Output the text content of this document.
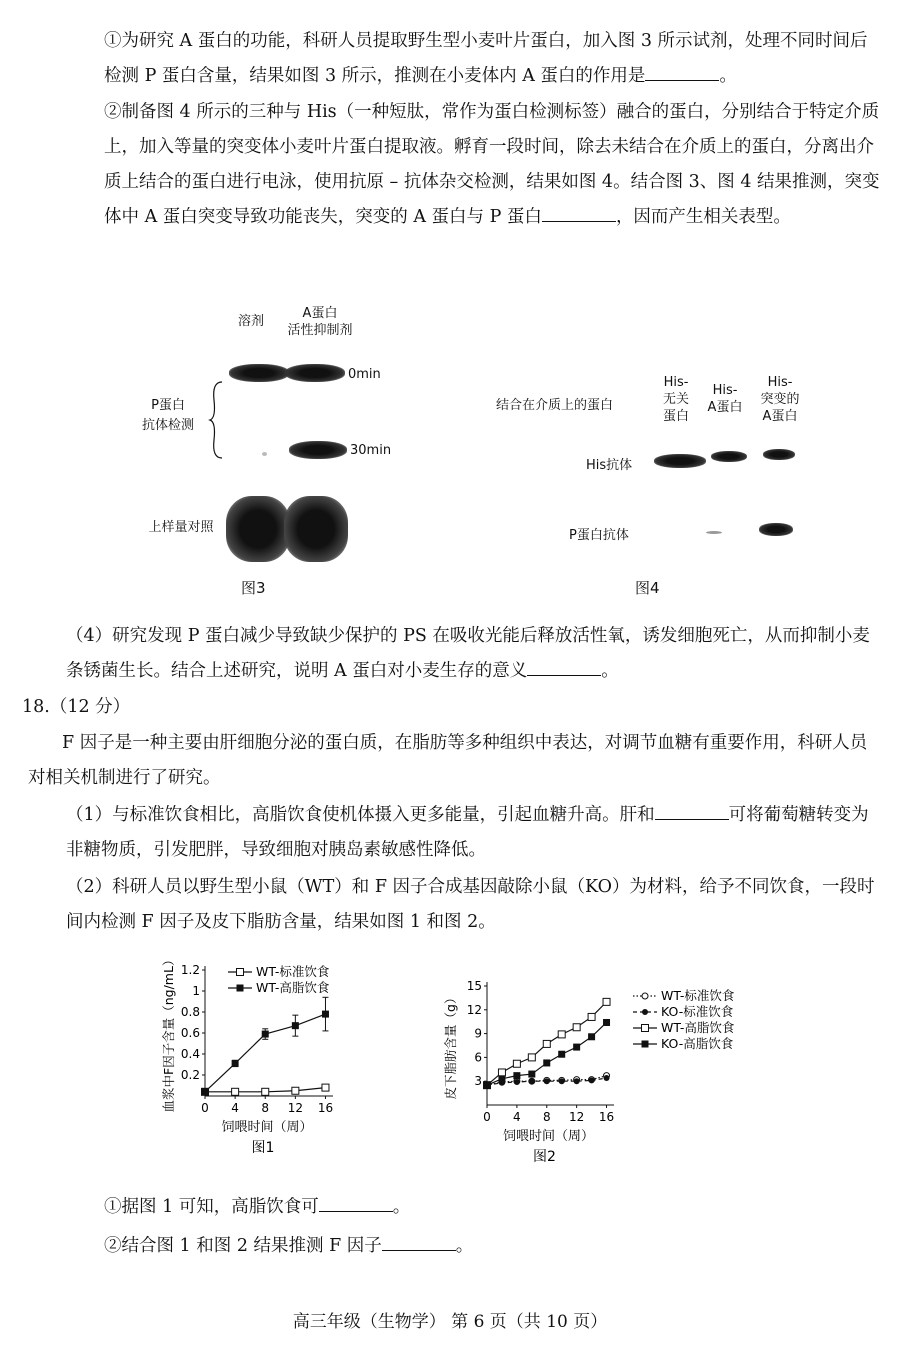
①为研究 A 蛋白的功能，科研人员提取野生型小麦叶片蛋白，加入图 3 所示试剂，处理不同时间后检测 P 蛋白含量，结果如图 3 所示，推测在小麦体内 A 蛋白的作用是	。

②制备图 4 所示的三种与 His（一种短肽，常作为蛋白检测标签）融合的蛋白，分别结合于特定介质上，加入等量的突变体小麦叶片蛋白提取液。孵育一段时间，除去未结合在介质上的蛋白，分离出介质上结合的蛋白进行电泳，使用抗原 – 抗体杂交检测，结果如图 4。结合图 3、图 4 结果推测，突变体中 A 蛋白突变导致功能丧失，突变的 A 蛋白与 P 蛋白	，因而产生相关表型。

溶剂
A蛋白
活性抑制剂
P蛋白
抗体检测
0min
30min
上样量对照
图3
结合在介质上的蛋白
His-
无关
蛋白
His-
A蛋白
His-
突变的
A蛋白
His抗体
P蛋白抗体
图4

（4）研究发现 P 蛋白减少导致缺少保护的 PS 在吸收光能后释放活性氧，诱发细胞死亡，从而抑制小麦条锈菌生长。结合上述研究，说明 A 蛋白对小麦生存的意义	。

18.（12 分）

F 因子是一种主要由肝细胞分泌的蛋白质，在脂肪等多种组织中表达，对调节血糖有重要作用，科研人员对相关机制进行了研究。

（1）与标准饮食相比，高脂饮食使机体摄入更多能量，引起血糖升高。肝和	可将葡萄糖转变为非糖物质，引发肥胖，导致细胞对胰岛素敏感性降低。

（2）科研人员以野生型小鼠（WT）和 F 因子合成基因敲除小鼠（KO）为材料，给予不同饮食，一段时间内检测 F 因子及皮下脂肪含量，结果如图 1 和图 2。

0.2
0.4
0.6
0.8
1
1.2
0 4 8 12 16
饲喂时间（周）
血浆中F因子含量（ng/mL）	WT-标准饮食
WT-高脂饮食
图1
3
6
9
12
15
0 4 8 12 16
饲喂时间（周）
皮下脂肪含量（g）	WT-标准饮食
KO-标准饮食
WT-高脂饮食
KO-高脂饮食
图2

①据图 1 可知，高脂饮食可	。

②结合图 1 和图 2 结果推测 F 因子	。

高三年级（生物学） 第 6 页（共 10 页）
